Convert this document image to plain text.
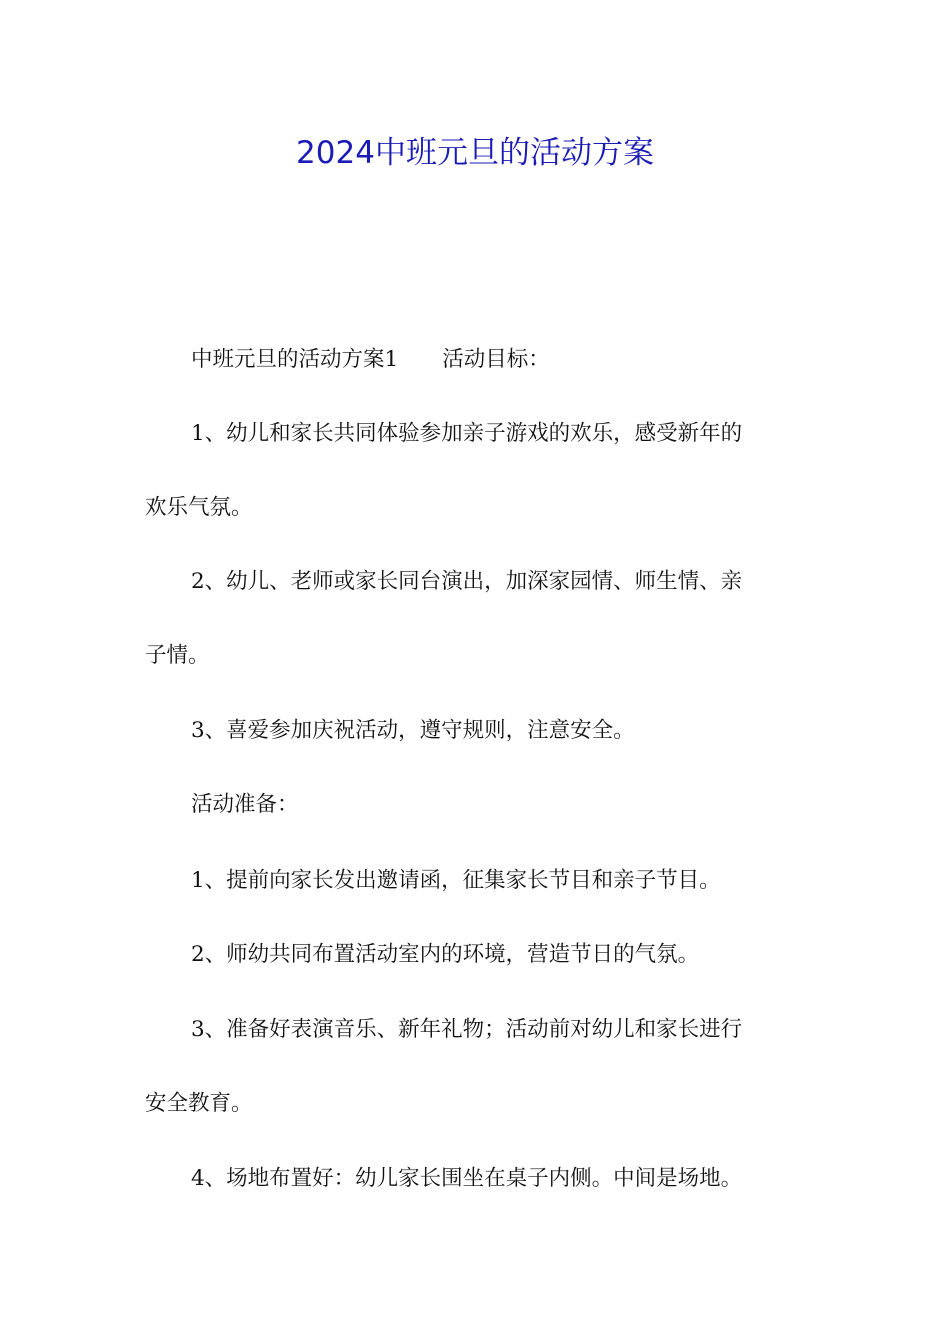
2024中班元旦的活动方案
中班元旦的活动方案1 活动目标：
1、幼儿和家长共同体验参加亲子游戏的欢乐，感受新年的
欢乐气氛。
2、幼儿、老师或家长同台演出，加深家园情、师生情、亲
子情。
3、喜爱参加庆祝活动，遵守规则，注意安全。
活动准备：
1、提前向家长发出邀请函，征集家长节目和亲子节目。
2、师幼共同布置活动室内的环境，营造节日的气氛。
3、准备好表演音乐、新年礼物；活动前对幼儿和家长进行
安全教育。
4、场地布置好：幼儿家长围坐在桌子内侧。中间是场地。
